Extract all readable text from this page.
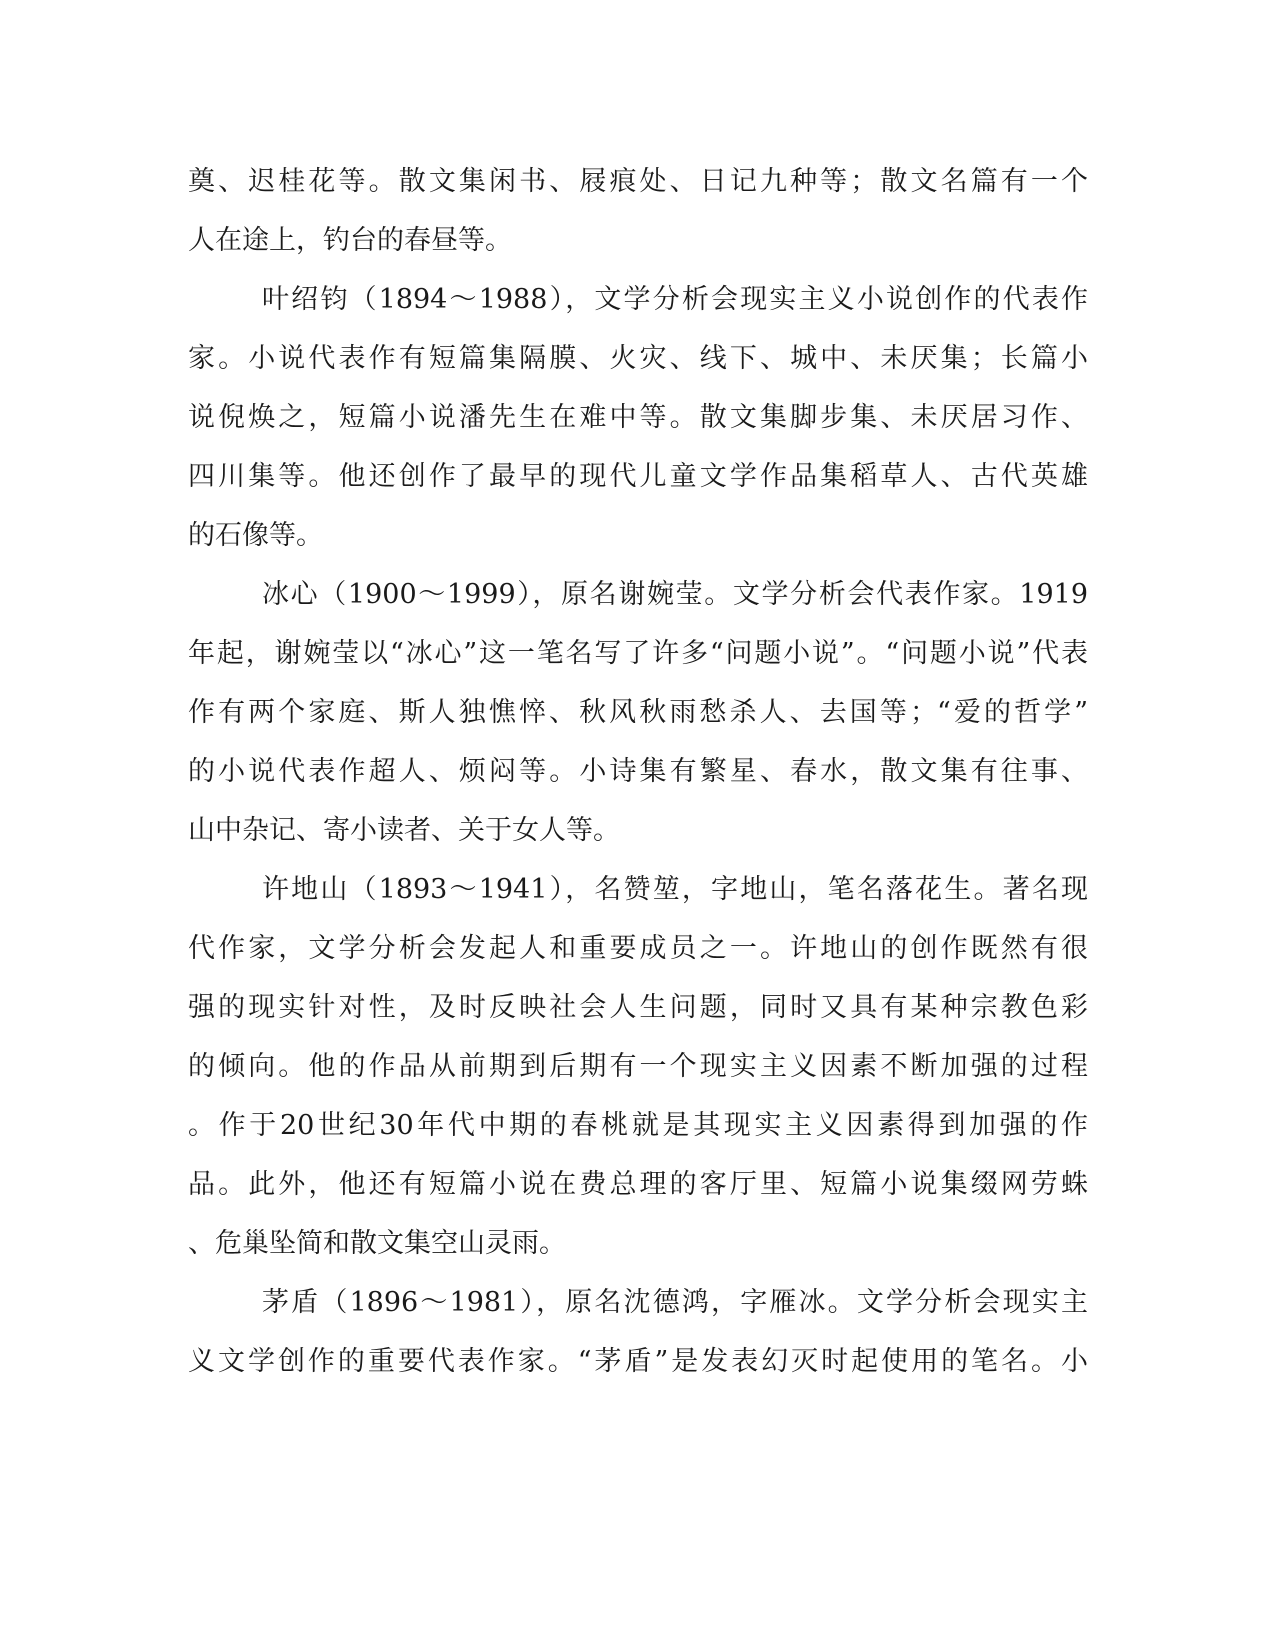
奠、迟桂花等。散文集闲书、屐痕处、日记九种等；散文名篇有一个
人在途上，钓台的春昼等。
叶绍钧（1894～1988），文学分析会现实主义小说创作的代表作
家。小说代表作有短篇集隔膜、火灾、线下、城中、未厌集；长篇小
说倪焕之，短篇小说潘先生在难中等。散文集脚步集、未厌居习作、
四川集等。他还创作了最早的现代儿童文学作品集稻草人、古代英雄
的石像等。
冰心（1900～1999），原名谢婉莹。文学分析会代表作家。1919
年起，谢婉莹以“冰心”这一笔名写了许多“问题小说”。“问题小说”代表
作有两个家庭、斯人独憔悴、秋风秋雨愁杀人、去国等；“爱的哲学”
的小说代表作超人、烦闷等。小诗集有繁星、春水，散文集有往事、
山中杂记、寄小读者、关于女人等。
许地山（1893～1941），名赞堃，字地山，笔名落花生。著名现
代作家，文学分析会发起人和重要成员之一。许地山的创作既然有很
强的现实针对性，及时反映社会人生问题，同时又具有某种宗教色彩
的倾向。他的作品从前期到后期有一个现实主义因素不断加强的过程
。作于20世纪30年代中期的春桃就是其现实主义因素得到加强的作
品。此外，他还有短篇小说在费总理的客厅里、短篇小说集缀网劳蛛
、危巢坠简和散文集空山灵雨。
茅盾（1896～1981），原名沈德鸿，字雁冰。文学分析会现实主
义文学创作的重要代表作家。“茅盾”是发表幻灭时起使用的笔名。小
